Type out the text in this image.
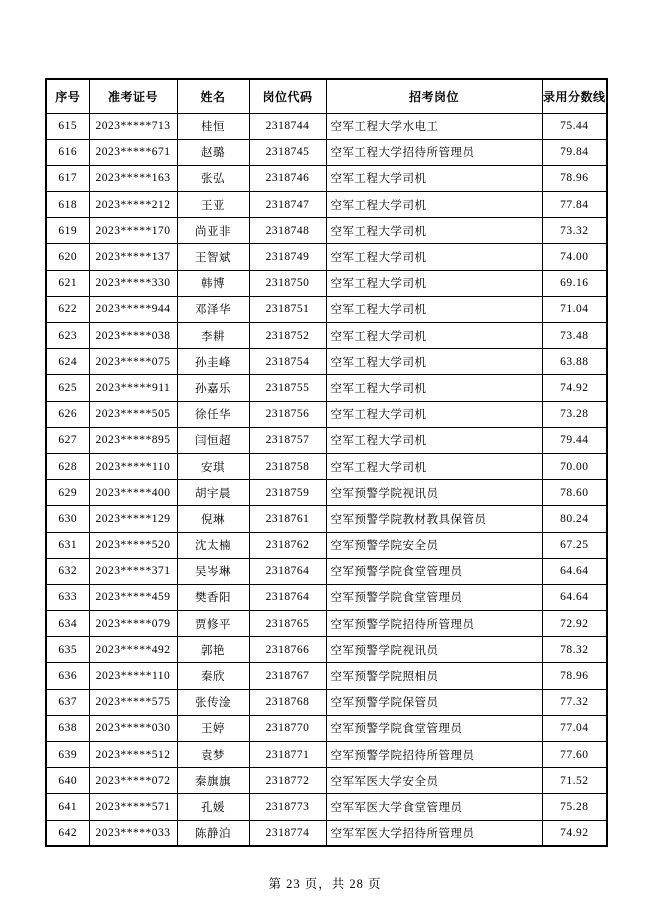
序号	准考证号	姓名	岗位代码	招考岗位	录用分数线
615	2023*****713	桂恒	2318744	空军工程大学水电工	75.44
616	2023*****671	赵璐	2318745	空军工程大学招待所管理员	79.84
617	2023*****163	张弘	2318746	空军工程大学司机	78.96
618	2023*****212	王亚	2318747	空军工程大学司机	77.84
619	2023*****170	尚亚非	2318748	空军工程大学司机	73.32
620	2023*****137	王智斌	2318749	空军工程大学司机	74.00
621	2023*****330	韩博	2318750	空军工程大学司机	69.16
622	2023*****944	邓泽华	2318751	空军工程大学司机	71.04
623	2023*****038	李耕	2318752	空军工程大学司机	73.48
624	2023*****075	孙圭峰	2318754	空军工程大学司机	63.88
625	2023*****911	孙嘉乐	2318755	空军工程大学司机	74.92
626	2023*****505	徐任华	2318756	空军工程大学司机	73.28
627	2023*****895	闫恒超	2318757	空军工程大学司机	79.44
628	2023*****110	安琪	2318758	空军工程大学司机	70.00
629	2023*****400	胡宇晨	2318759	空军预警学院视讯员	78.60
630	2023*****129	倪琳	2318761	空军预警学院教材教具保管员	80.24
631	2023*****520	沈太楠	2318762	空军预警学院安全员	67.25
632	2023*****371	吴岑琳	2318764	空军预警学院食堂管理员	64.64
633	2023*****459	樊香阳	2318764	空军预警学院食堂管理员	64.64
634	2023*****079	贾修平	2318765	空军预警学院招待所管理员	72.92
635	2023*****492	郭艳	2318766	空军预警学院视讯员	78.32
636	2023*****110	秦欣	2318767	空军预警学院照相员	78.96
637	2023*****575	张传淦	2318768	空军预警学院保管员	77.32
638	2023*****030	王婷	2318770	空军预警学院食堂管理员	77.04
639	2023*****512	袁梦	2318771	空军预警学院招待所管理员	77.60
640	2023*****072	秦旗旗	2318772	空军军医大学安全员	71.52
641	2023*****571	孔媛	2318773	空军军医大学食堂管理员	75.28
642	2023*****033	陈静泊	2318774	空军军医大学招待所管理员	74.92
第 23 页，共 28 页
